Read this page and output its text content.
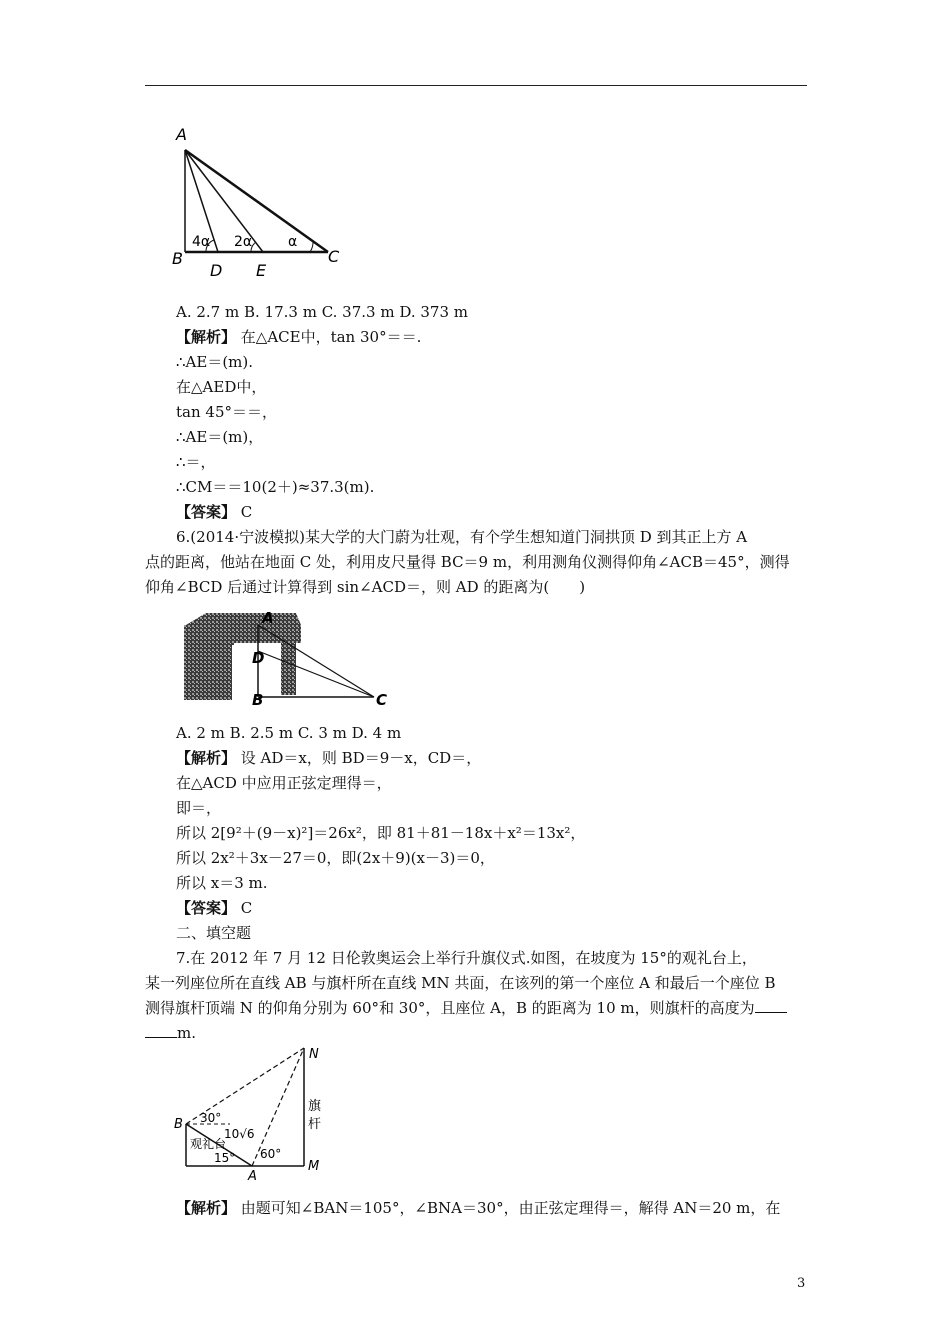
A
B	C
D E
4α 2α	α
A. 2.7 m B. 17.3 m C. 37.3 m D. 373 m
【解析】 在△ACE中，tan 30°＝＝.
∴AE＝(m).
在△AED中，
tan 45°＝＝，
∴AE＝(m)，
∴＝，
∴CM＝＝10(2＋)≈37.3(m).
【答案】 C
6.(2014·宁波模拟)某大学的大门蔚为壮观，有个学生想知道门洞拱顶 D 到其正上方 A
点的距离，他站在地面 C 处，利用皮尺量得 BC＝9 m，利用测角仪测得仰角∠ACB＝45°，测得
仰角∠BCD 后通过计算得到 sin∠ACD＝，则 AD 的距离为(　　)
A
D
B	C
A. 2 m B. 2.5 m C. 3 m D. 4 m
【解析】 设 AD＝x，则 BD＝9－x，CD＝，
在△ACD 中应用正弦定理得＝，
即＝，
所以 2[9²＋(9－x)²]＝26x²，即 81＋81－18x＋x²＝13x²，
所以 2x²＋3x－27＝0，即(2x＋9)(x－3)＝0，
所以 x＝3 m.
【答案】 C
二、填空题
7.在 2012 年 7 月 12 日伦敦奥运会上举行升旗仪式.如图，在坡度为 15°的观礼台上，
某一列座位所在直线 AB 与旗杆所在直线 MN 共面，在该列的第一个座位 A 和最后一个座位 B
测得旗杆顶端 N 的仰角分别为 60°和 30°，且座位 A，B 的距离为 10 m，则旗杆的高度为
m.
N
B
A
M
30°
60°
15°
10√6
观礼台
旗
杆
【解析】 由题可知∠BAN＝105°，∠BNA＝30°，由正弦定理得＝，解得 AN＝20 m，在
3
